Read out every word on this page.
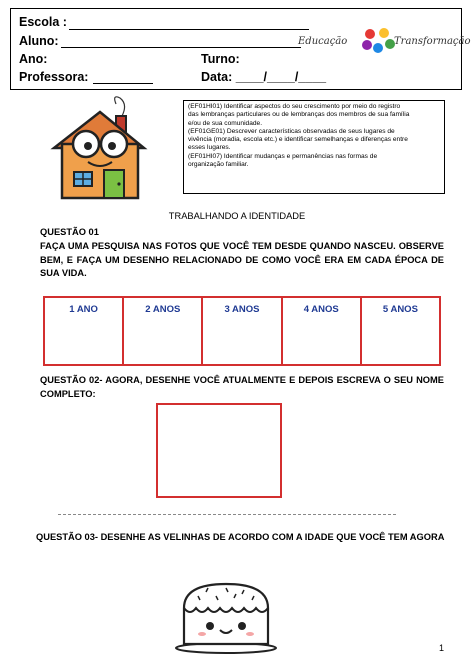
Escola :
Aluno:
Ano:	Turno:
Professora:	Data: ____/____/____
Educação	Transformação
(EF01HI01) Identificar aspectos do seu crescimento por meio do registro
das lembranças particulares ou de lembranças dos membros de sua família
e/ou de sua comunidade.
(EF01GE01) Descrever características observadas de seus lugares de
vivência (moradia, escola etc.) e identificar semelhanças e diferenças entre
esses lugares.
(EF01HI07) Identificar mudanças e permanências nas formas de
organização familiar.
TRABALHANDO A IDENTIDADE
QUESTÃO 01
FAÇA UMA PESQUISA NAS FOTOS QUE VOCÊ TEM DESDE QUANDO NASCEU. OBSERVE BEM, E FAÇA UM DESENHO RELACIONADO DE COMO VOCÊ ERA EM CADA ÉPOCA DE SUA VIDA.
1 ANO	2 ANOS	3 ANOS	4 ANOS	5 ANOS
QUESTÃO 02- AGORA, DESENHE VOCÊ ATUALMENTE E DEPOIS ESCREVA O SEU NOME COMPLETO:
QUESTÃO 03- DESENHE AS VELINHAS DE ACORDO COM A IDADE QUE VOCÊ TEM AGORA
1
